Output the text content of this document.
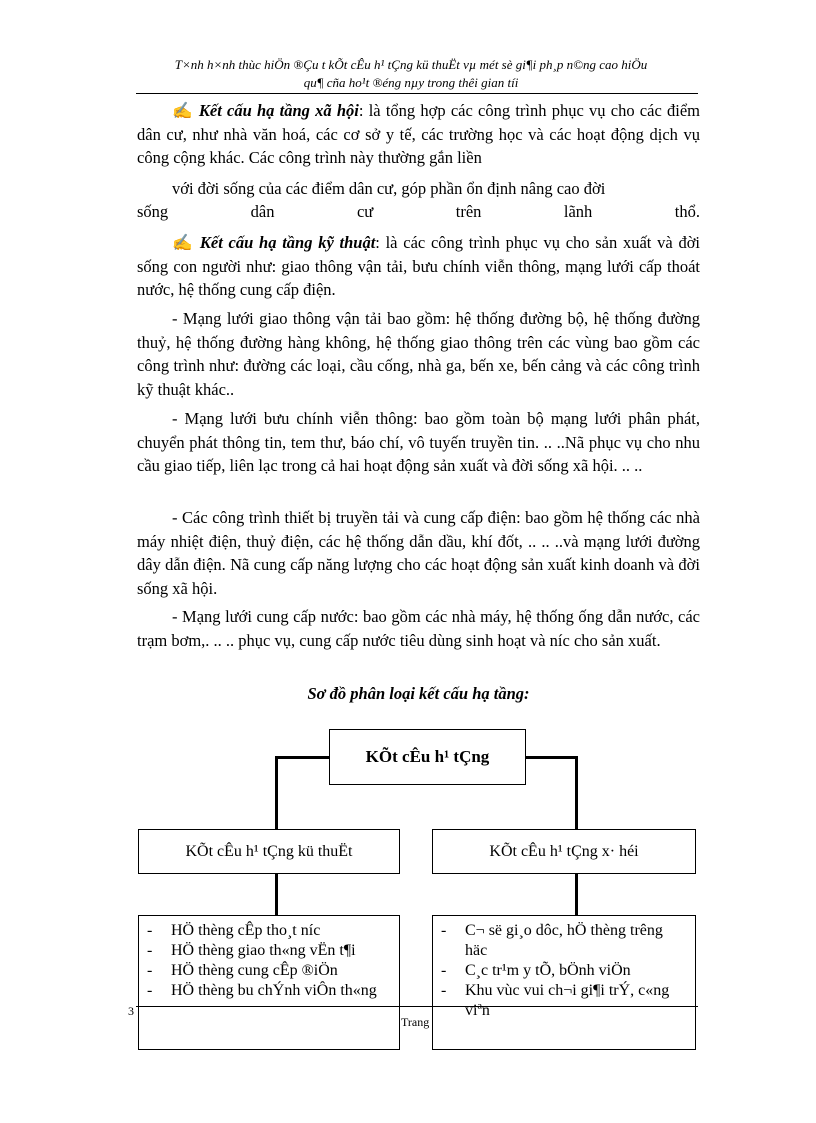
T×nh h×nh thùc hiÖn ®Çu t kÕt cÊu h¹ tÇng kü thuËt vµ mét sè gi¶i ph¸p n©ng cao hiÖu
qu¶ cña ho¹t ®éng nµy trong thêi gian tíi

✍ Kết cấu hạ tầng xã hội: là tổng hợp các công trình phục vụ cho các điểm dân cư, như nhà văn hoá, các cơ sở y tế, các trường học và các hoạt động dịch vụ công cộng khác. Các công trình này thường gắn liền

với đời sống của các điểm dân cư, góp phần ổn định nâng cao đời

sống	dân	cư	trên	lãnh	thổ.

✍ Kết cấu hạ tầng kỹ thuật: là các công trình phục vụ cho sản xuất và đời sống con người như: giao thông vận tải, bưu chính viễn thông, mạng lưới cấp thoát nước, hệ thống cung cấp điện.

- Mạng lưới giao thông vận tải bao gồm: hệ thống đường bộ, hệ thống đường thuỷ, hệ thống đường hàng không, hệ thống giao thông trên các vùng bao gồm các công trình như: đường các loại, cầu cống, nhà ga, bến xe, bến cảng và các công trình kỹ thuật khác..

- Mạng lưới bưu chính viễn thông: bao gồm toàn bộ mạng lưới phân phát, chuyển phát thông tin, tem thư, báo chí, vô tuyến truyền tin. .. ..Nã phục vụ cho nhu cầu giao tiếp, liên lạc trong cả hai hoạt động sản xuất và đời sống xã hội. .. ..

- Các công trình thiết bị truyền tải và cung cấp điện: bao gồm hệ thống các nhà máy nhiệt điện, thuỷ điện, các hệ thống dẫn dầu, khí đốt, .. .. ..và mạng lưới đường dây dẫn điện. Nã cung cấp năng lượng cho các hoạt động sản xuất kinh doanh và đời sống xã hội.

- Mạng lưới cung cấp nước: bao gồm các nhà máy, hệ thống ống dẫn nước, các trạm bơm,. .. .. phục vụ, cung cấp nước tiêu dùng sinh hoạt và níc cho sản xuất.

Sơ đồ phân loại kết cấu hạ tầng:
KÕt cÊu h¹ tÇng
KÕt cÊu h¹ tÇng kü thuËt	KÕt cÊu h¹ tÇng x· héi
- HÖ thèng cÊp tho¸t níc
- HÖ thèng giao th«ng vËn t¶i
- HÖ thèng cung cÊp ®iÖn
- HÖ thèng bu chÝnh viÔn th«ng
- C¬ së gi¸o dôc, hÖ thèng trêng häc
- C¸c tr¹m y tÕ, bÖnh viÖn
- Khu vùc vui ch¬i gi¶i trÝ, c«ng viªn
3
Trang
